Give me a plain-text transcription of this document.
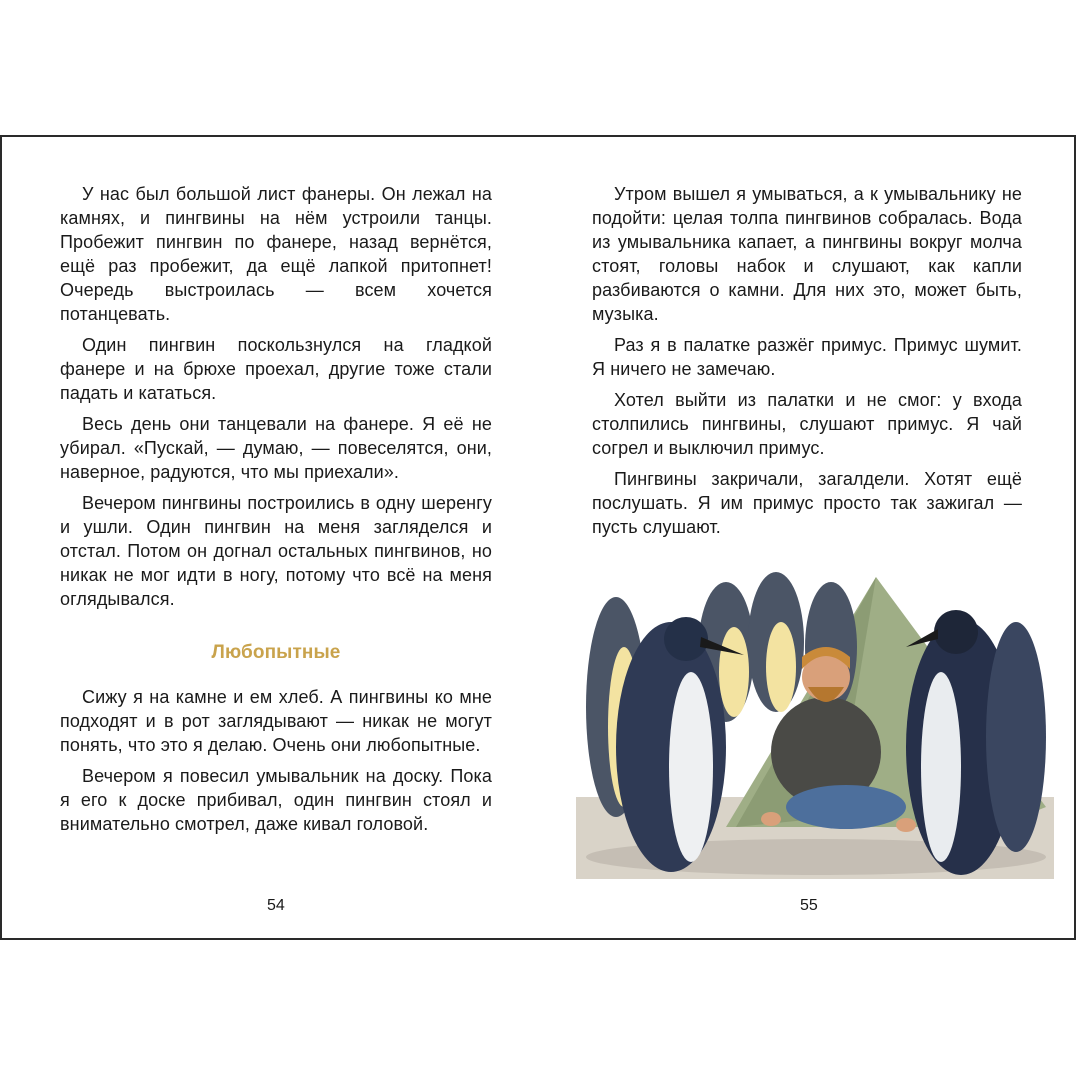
У нас был большой лист фанеры. Он лежал на камнях, и пингвины на нём устроили танцы. Пробежит пингвин по фанере, назад вернётся, ещё раз пробежит, да ещё лапкой притопнет! Очередь выстроилась — всем хочется потанцевать.

Один пингвин поскользнулся на гладкой фанере и на брюхе проехал, другие тоже стали падать и кататься.

Весь день они танцевали на фанере. Я её не убирал. «Пускай, — думаю, — повеселятся, они, наверное, радуются, что мы приехали».

Вечером пингвины построились в одну шеренгу и ушли. Один пингвин на меня загляделся и отстал. Потом он догнал остальных пингвинов, но никак не мог идти в ногу, потому что всё на меня оглядывался.

Любопытные

Сижу я на камне и ем хлеб. А пингвины ко мне подходят и в рот заглядывают — никак не могут понять, что это я делаю. Очень они любопытные.

Вечером я повесил умывальник на доску. Пока я его к доске прибивал, один пингвин стоял и внимательно смотрел, даже кивал головой.

54

Утром вышел я умываться, а к умывальнику не подойти: целая толпа пингвинов собралась. Вода из умывальника капает, а пингвины вокруг молча стоят, головы набок и слушают, как капли разбиваются о камни. Для них это, может быть, музыка.

Раз я в палатке разжёг примус. Примус шумит. Я ничего не замечаю.

Хотел выйти из палатки и не смог: у входа столпились пингвины, слушают примус. Я чай согрел и выключил примус.

Пингвины закричали, загалдели. Хотят ещё послушать. Я им примус просто так зажигал — пусть слушают.

55
